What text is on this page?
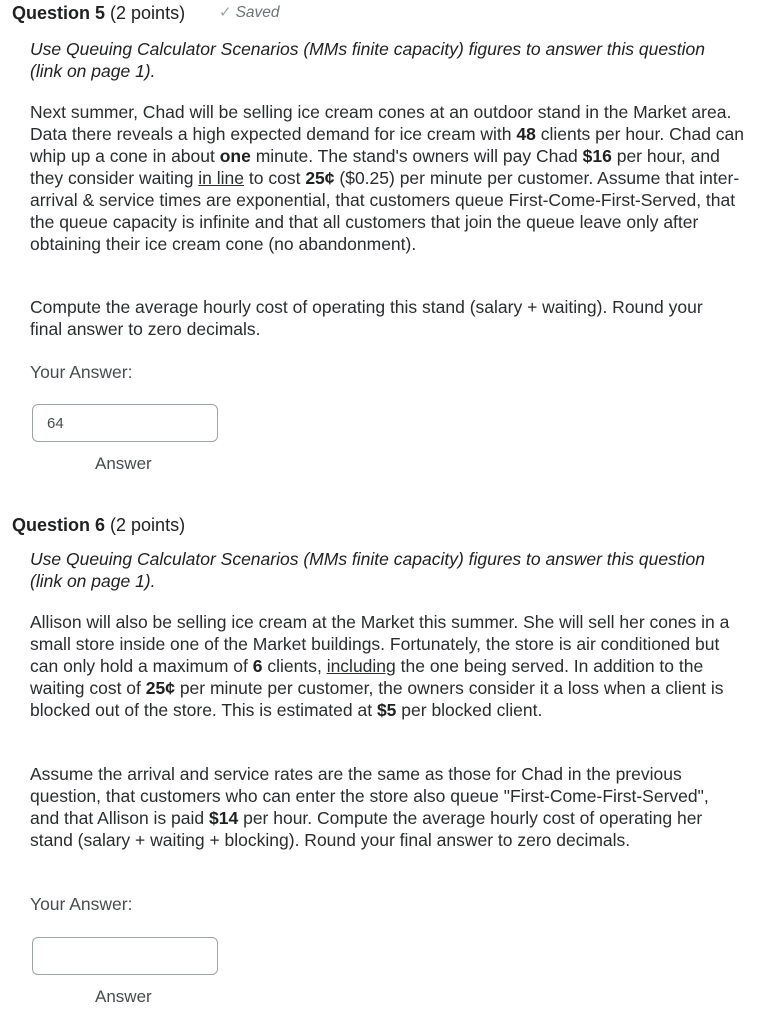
Question 5 (2 points) ✓ Saved
Use Queuing Calculator Scenarios (MMs finite capacity) figures to answer this question (link on page 1).
Next summer, Chad will be selling ice cream cones at an outdoor stand in the Market area. Data there reveals a high expected demand for ice cream with 48 clients per hour. Chad can whip up a cone in about one minute. The stand's owners will pay Chad $16 per hour, and they consider waiting in line to cost 25¢ ($0.25) per minute per customer. Assume that inter-arrival & service times are exponential, that customers queue First-Come-First-Served, that the queue capacity is infinite and that all customers that join the queue leave only after obtaining their ice cream cone (no abandonment).
Compute the average hourly cost of operating this stand (salary + waiting). Round your final answer to zero decimals.
Your Answer:
64
Answer
Question 6 (2 points)
Use Queuing Calculator Scenarios (MMs finite capacity) figures to answer this question (link on page 1).
Allison will also be selling ice cream at the Market this summer. She will sell her cones in a small store inside one of the Market buildings. Fortunately, the store is air conditioned but can only hold a maximum of 6 clients, including the one being served. In addition to the waiting cost of 25¢ per minute per customer, the owners consider it a loss when a client is blocked out of the store. This is estimated at $5 per blocked client.
Assume the arrival and service rates are the same as those for Chad in the previous question, that customers who can enter the store also queue "First-Come-First-Served", and that Allison is paid $14 per hour. Compute the average hourly cost of operating her stand (salary + waiting + blocking). Round your final answer to zero decimals.
Your Answer:
Answer
